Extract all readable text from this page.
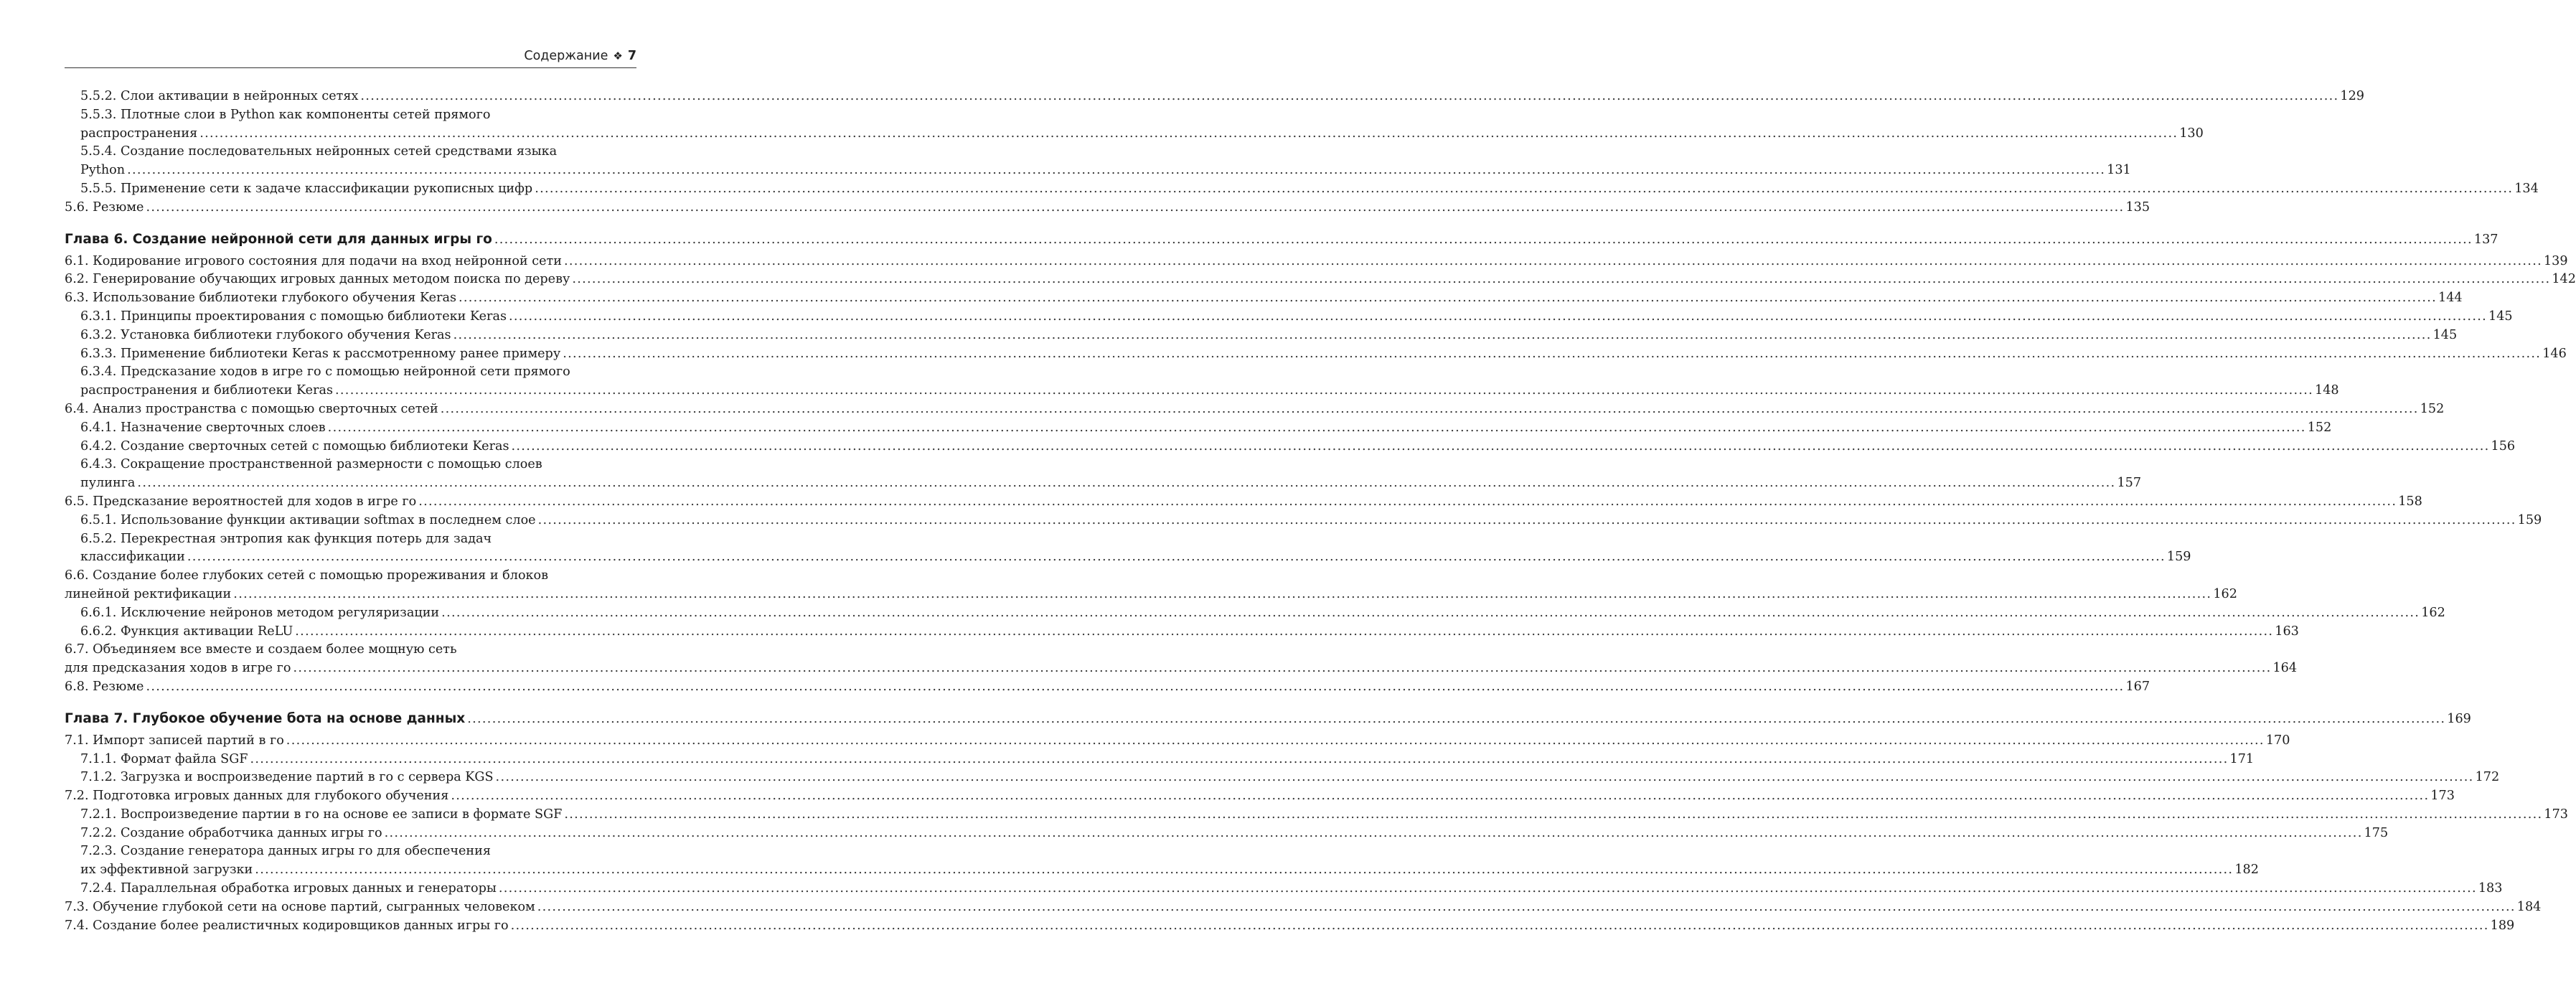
Содержание ❖ 7
5.5.2. Слои активации в нейронных сетях ................................................................................................................................................................................................................................................................................................................................................................................................................ 129
5.5.3. Плотные слои в Python как компоненты сетей прямого
распространения ................................................................................................................................................................................................................................................................................................................................................................................................................ 130
5.5.4. Создание последовательных нейронных сетей средствами языка
Python ................................................................................................................................................................................................................................................................................................................................................................................................................ 131
5.5.5. Применение сети к задаче классификации рукописных цифр ................................................................................................................................................................................................................................................................................................................................................................................................................ 134
5.6. Резюме ................................................................................................................................................................................................................................................................................................................................................................................................................ 135
Глава 6. Создание нейронной сети для данных игры го ................................................................................................................................................................................................................................................................................................................................................................................................................ 137
6.1. Кодирование игрового состояния для подачи на вход нейронной сети ................................................................................................................................................................................................................................................................................................................................................................................................................ 139
6.2. Генерирование обучающих игровых данных методом поиска по дереву ................................................................................................................................................................................................................................................................................................................................................................................................................ 142
6.3. Использование библиотеки глубокого обучения Keras ................................................................................................................................................................................................................................................................................................................................................................................................................ 144
6.3.1. Принципы проектирования с помощью библиотеки Keras ................................................................................................................................................................................................................................................................................................................................................................................................................ 145
6.3.2. Установка библиотеки глубокого обучения Keras ................................................................................................................................................................................................................................................................................................................................................................................................................ 145
6.3.3. Применение библиотеки Keras к рассмотренному ранее примеру ................................................................................................................................................................................................................................................................................................................................................................................................................ 146
6.3.4. Предсказание ходов в игре го с помощью нейронной сети прямого
распространения и библиотеки Keras ................................................................................................................................................................................................................................................................................................................................................................................................................ 148
6.4. Анализ пространства с помощью сверточных сетей ................................................................................................................................................................................................................................................................................................................................................................................................................ 152
6.4.1. Назначение сверточных слоев ................................................................................................................................................................................................................................................................................................................................................................................................................ 152
6.4.2. Создание сверточных сетей с помощью библиотеки Keras ................................................................................................................................................................................................................................................................................................................................................................................................................ 156
6.4.3. Сокращение пространственной размерности с помощью слоев
пулинга ................................................................................................................................................................................................................................................................................................................................................................................................................ 157
6.5. Предсказание вероятностей для ходов в игре го ................................................................................................................................................................................................................................................................................................................................................................................................................ 158
6.5.1. Использование функции активации softmax в последнем слое ................................................................................................................................................................................................................................................................................................................................................................................................................ 159
6.5.2. Перекрестная энтропия как функция потерь для задач
классификации ................................................................................................................................................................................................................................................................................................................................................................................................................ 159
6.6. Создание более глубоких сетей с помощью прореживания и блоков
линейной ректификации ................................................................................................................................................................................................................................................................................................................................................................................................................ 162
6.6.1. Исключение нейронов методом регуляризации ................................................................................................................................................................................................................................................................................................................................................................................................................ 162
6.6.2. Функция активации ReLU ................................................................................................................................................................................................................................................................................................................................................................................................................ 163
6.7. Объединяем все вместе и создаем более мощную сеть
для предсказания ходов в игре го ................................................................................................................................................................................................................................................................................................................................................................................................................ 164
6.8. Резюме ................................................................................................................................................................................................................................................................................................................................................................................................................ 167
Глава 7. Глубокое обучение бота на основе данных ................................................................................................................................................................................................................................................................................................................................................................................................................ 169
7.1. Импорт записей партий в го ................................................................................................................................................................................................................................................................................................................................................................................................................ 170
7.1.1. Формат файла SGF ................................................................................................................................................................................................................................................................................................................................................................................................................ 171
7.1.2. Загрузка и воспроизведение партий в го с сервера KGS ................................................................................................................................................................................................................................................................................................................................................................................................................ 172
7.2. Подготовка игровых данных для глубокого обучения ................................................................................................................................................................................................................................................................................................................................................................................................................ 173
7.2.1. Воспроизведение партии в го на основе ее записи в формате SGF ................................................................................................................................................................................................................................................................................................................................................................................................................ 173
7.2.2. Создание обработчика данных игры го ................................................................................................................................................................................................................................................................................................................................................................................................................ 175
7.2.3. Создание генератора данных игры го для обеспечения
их эффективной загрузки ................................................................................................................................................................................................................................................................................................................................................................................................................ 182
7.2.4. Параллельная обработка игровых данных и генераторы ................................................................................................................................................................................................................................................................................................................................................................................................................ 183
7.3. Обучение глубокой сети на основе партий, сыгранных человеком ................................................................................................................................................................................................................................................................................................................................................................................................................ 184
7.4. Создание более реалистичных кодировщиков данных игры го ................................................................................................................................................................................................................................................................................................................................................................................................................ 189
